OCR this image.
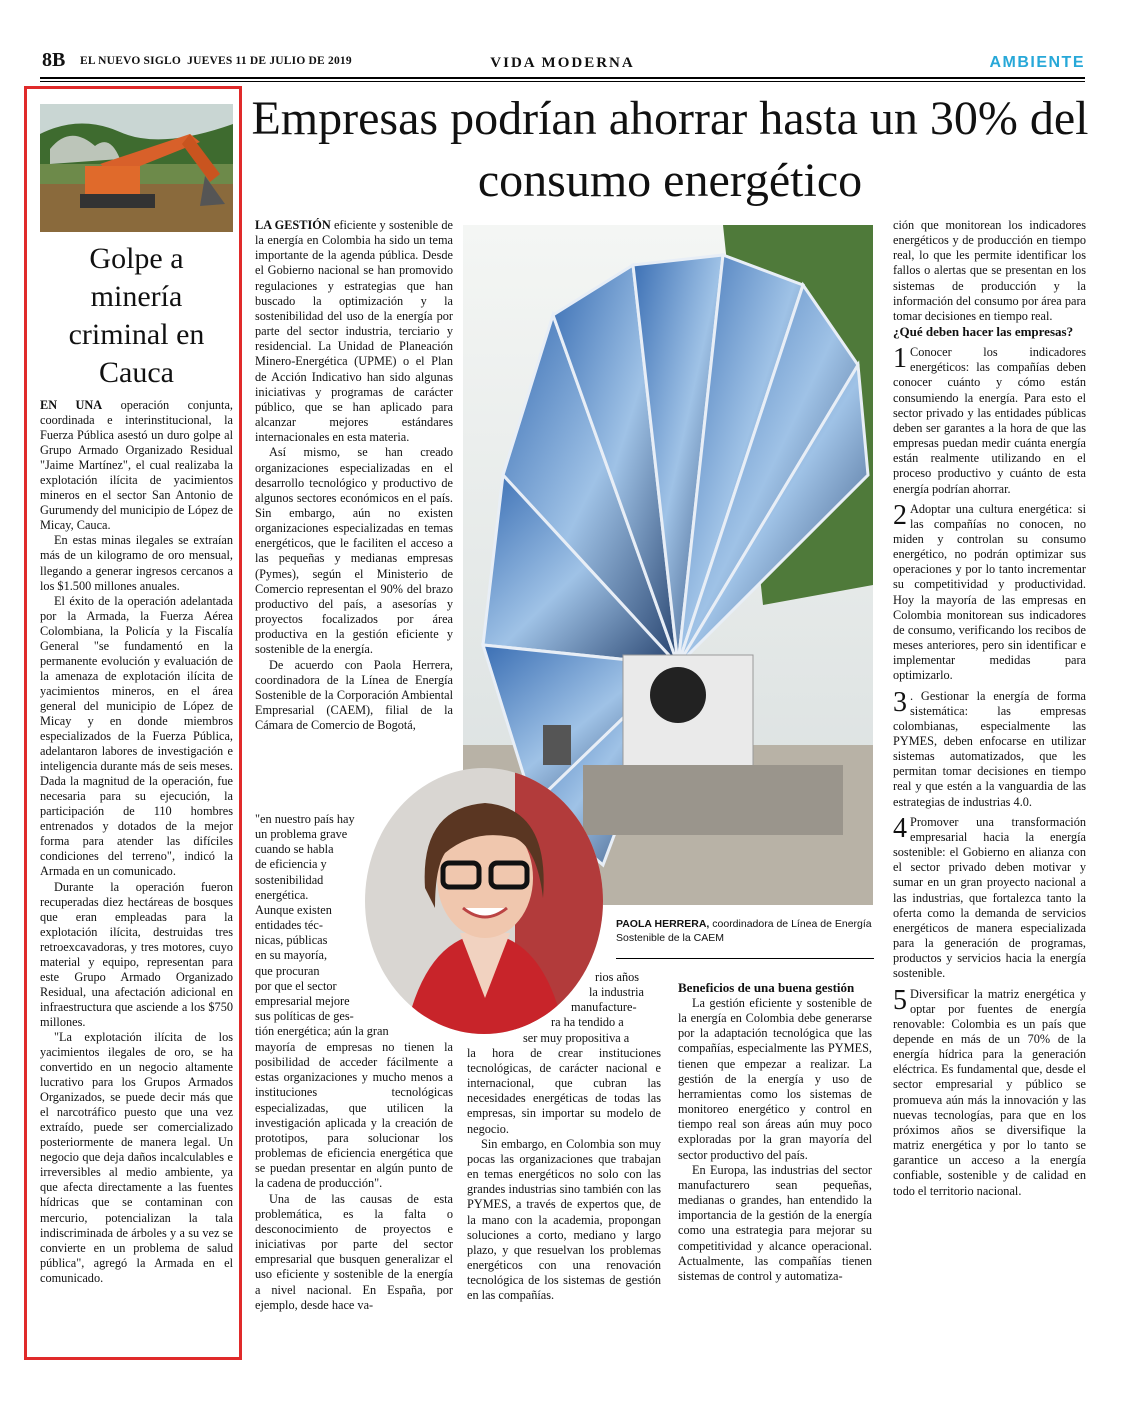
8B EL NUEVO SIGLO JUEVES 11 DE JULIO DE 2019	VIDA MODERNA	AMBIENTE
Golpe a minería criminal en Cauca

EN UNA operación conjunta, coordinada e interinstitucional, la Fuerza Pública asestó un duro golpe al Grupo Armado Organizado Residual "Jaime Martínez", el cual realizaba la explotación ilícita de yacimientos mineros en el sector San Antonio de Gurumendy del municipio de López de Micay, Cauca.

En estas minas ilegales se extraían más de un kilogramo de oro mensual, llegando a generar ingresos cercanos a los $1.500 millones anuales.

El éxito de la operación adelantada por la Armada, la Fuerza Aérea Colombiana, la Policía y la Fiscalía General "se fundamentó en la permanente evolución y evaluación de la amenaza de explotación ilícita de yacimientos mineros, en el área general del municipio de López de Micay y en donde miembros especializados de la Fuerza Pública, adelantaron labores de investigación e inteligencia durante más de seis meses. Dada la magnitud de la operación, fue necesaria para su ejecución, la participación de 110 hombres entrenados y dotados de la mejor forma para atender las difíciles condiciones del terreno", indicó la Armada en un comunicado.

Durante la operación fueron recuperadas diez hectáreas de bosques que eran empleadas para la explotación ilícita, destruidas tres retroexcavadoras, y tres motores, cuyo material y equipo, representan para este Grupo Armado Organizado Residual, una afectación adicional en infraestructura que asciende a los $750 millones.

"La explotación ilícita de los yacimientos ilegales de oro, se ha convertido en un negocio altamente lucrativo para los Grupos Armados Organizados, se puede decir más que el narcotráfico puesto que una vez extraído, puede ser comercializado posteriormente de manera legal. Un negocio que deja daños incalculables e irreversibles al medio ambiente, ya que afecta directamente a las fuentes hídricas que se contaminan con mercurio, potencializan la tala indiscriminada de árboles y a su vez se convierte en un problema de salud pública", agregó la Armada en el comunicado.

Empresas podrían ahorrar hasta un 30% del consumo energético

LA GESTIÓN eficiente y sostenible de la energía en Colombia ha sido un tema importante de la agenda pública. Desde el Gobierno nacional se han promovido regulaciones y estrategias que han buscado la optimización y la sostenibilidad del uso de la energía por parte del sector industria, terciario y residencial. La Unidad de Planeación Minero-Energética (UPME) o el Plan de Acción Indicativo han sido algunas iniciativas y programas de carácter público, que se han aplicado para alcanzar mejores estándares internacionales en esta materia.

Así mismo, se han creado organizaciones especializadas en el desarrollo tecnológico y productivo de algunos sectores económicos en el país. Sin embargo, aún no existen organizaciones especializadas en temas energéticos, que le faciliten el acceso a las pequeñas y medianas empresas (Pymes), según el Ministerio de Comercio representan el 90% del brazo productivo del país, a asesorías y proyectos focalizados por área productiva en la gestión eficiente y sostenible de la energía.

De acuerdo con Paola Herrera, coordinadora de la Línea de Energía Sostenible de la Corporación Ambiental Empresarial (CAEM), filial de la Cámara de Comercio de Bogotá,

"en nuestro país hay
un problema grave
cuando se habla
de eficiencia y
sostenibilidad
energética.
Aunque existen
entidades téc-
nicas, públicas
en su mayoría,
que procuran
por que el sector
empresarial mejore
sus políticas de ges-
tión energética; aún la gran

mayoría de empresas no tienen la posibilidad de acceder fácilmente a estas organizaciones y mucho menos a instituciones tecnológicas especializadas, que utilicen la investigación aplicada y la creación de prototipos, para solucionar los problemas de eficiencia energética que se puedan presentar en algún punto de la cadena de producción".

Una de las causas de esta problemática, es la falta o desconocimiento de proyectos e iniciativas por parte del sector empresarial que busquen generalizar el uso eficiente y sostenible de la energía a nivel nacional. En España, por ejemplo, desde hace va-

PAOLA HERRERA, coordinadora de Línea de Energía Sostenible de la CAEM
rios años
la industria
manufacture-
ra ha tendido a
ser muy propositiva a

la hora de crear instituciones tecnológicas, de carácter nacional e internacional, que cubran las necesidades energéticas de todas las empresas, sin importar su modelo de negocio.

Sin embargo, en Colombia son muy pocas las organizaciones que trabajan en temas energéticos no solo con las grandes industrias sino también con las PYMES, a través de expertos que, de la mano con la academia, propongan soluciones a corto, mediano y largo plazo, y que resuelvan los problemas energéticos con una renovación tecnológica de los sistemas de gestión en las compañías.

Beneficios de una buena gestión

La gestión eficiente y sostenible de la energía en Colombia debe generarse por la adaptación tecnológica que las compañías, especialmente las PYMES, tienen que empezar a realizar. La gestión de la energía y uso de herramientas como los sistemas de monitoreo energético y control en tiempo real son áreas aún muy poco exploradas por la gran mayoría del sector productivo del país.

En Europa, las industrias del sector manufacturero sean pequeñas, medianas o grandes, han entendido la importancia de la gestión de la energía como una estrategia para mejorar su competitividad y alcance operacional. Actualmente, las compañías tienen sistemas de control y automatiza-

ción que monitorean los indicadores energéticos y de producción en tiempo real, lo que les permite identificar los fallos o alertas que se presentan en los sistemas de producción y la información del consumo por área para tomar decisiones en tiempo real.

¿Qué deben hacer las empresas?

1 Conocer los indicadores energéticos: las compañías deben conocer cuánto y cómo están consumiendo la energía. Para esto el sector privado y las entidades públicas deben ser garantes a la hora de que las empresas puedan medir cuánta energía están realmente utilizando en el proceso productivo y cuánto de esta energía podrían ahorrar.

2 Adoptar una cultura energética: si las compañías no conocen, no miden y controlan su consumo energético, no podrán optimizar sus operaciones y por lo tanto incrementar su competitividad y productividad. Hoy la mayoría de las empresas en Colombia monitorean sus indicadores de consumo, verificando los recibos de meses anteriores, pero sin identificar e implementar medidas para optimizarlo.

3 . Gestionar la energía de forma sistemática: las empresas colombianas, especialmente las PYMES, deben enfocarse en utilizar sistemas automatizados, que les permitan tomar decisiones en tiempo real y que estén a la vanguardia de las estrategias de industrias 4.0.

4 Promover una transformación empresarial hacia la energía sostenible: el Gobierno en alianza con el sector privado deben motivar y sumar en un gran proyecto nacional a las industrias, que fortalezca tanto la oferta como la demanda de servicios energéticos de manera especializada para la generación de programas, productos y servicios hacia la energía sostenible.

5 Diversificar la matriz energética y optar por fuentes de energía renovable: Colombia es un país que depende en más de un 70% de la energía hídrica para la generación eléctrica. Es fundamental que, desde el sector empresarial y público se promueva aún más la innovación y las nuevas tecnologías, para que en los próximos años se diversifique la matriz energética y por lo tanto se garantice un acceso a la energía confiable, sostenible y de calidad en todo el territorio nacional.
